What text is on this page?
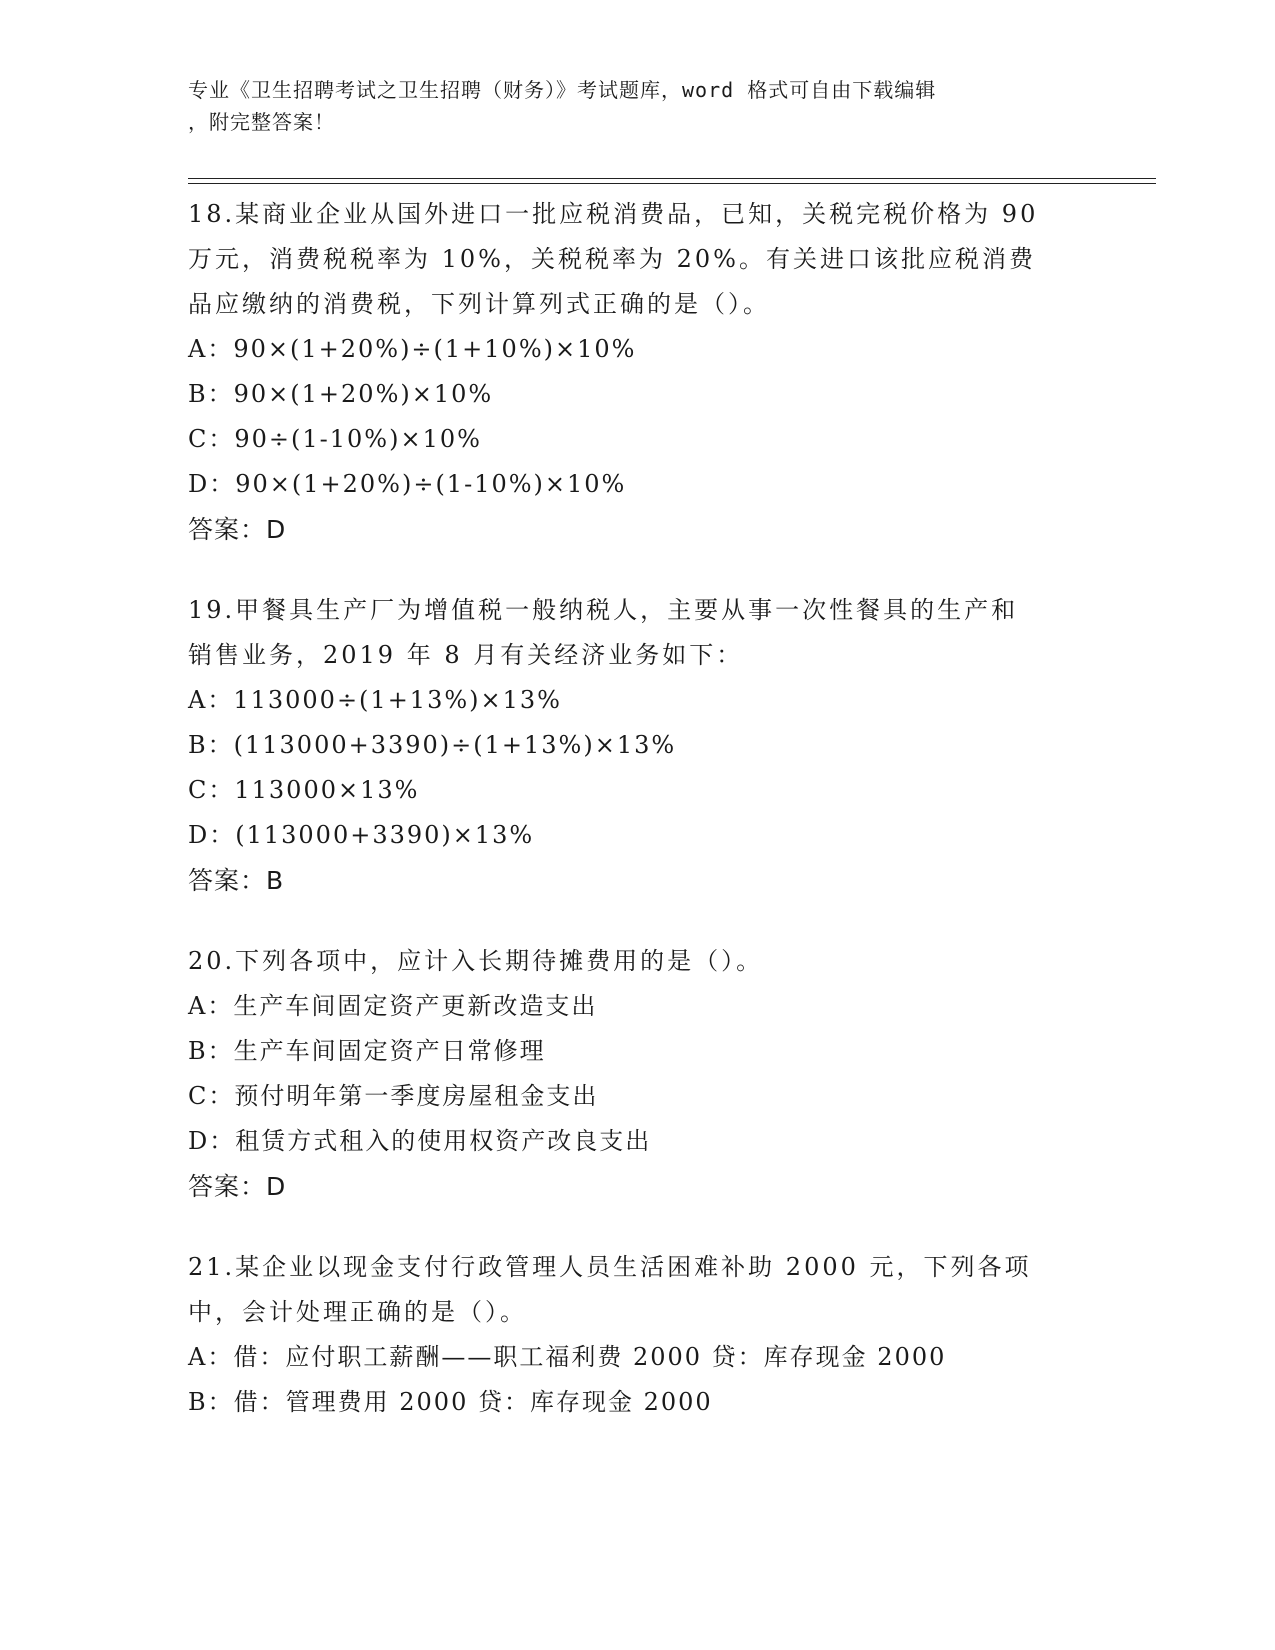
专业《卫生招聘考试之卫生招聘（财务）》考试题库，word 格式可自由下载编辑
，附完整答案！

18.某商业企业从国外进口一批应税消费品，已知，关税完税价格为 90

万元，消费税税率为 10%，关税税率为 20%。有关进口该批应税消费

品应缴纳的消费税，下列计算列式正确的是（）。

A：90×(1+20%)÷(1+10%)×10%

B：90×(1+20%)×10%

C：90÷(1-10%)×10%

D：90×(1+20%)÷(1-10%)×10%

答案：D

19.甲餐具生产厂为增值税一般纳税人，主要从事一次性餐具的生产和

销售业务，2019 年 8 月有关经济业务如下：

A：113000÷(1+13%)×13%

B：(113000+3390)÷(1+13%)×13%

C：113000×13%

D：(113000+3390)×13%

答案：B

20.下列各项中，应计入长期待摊费用的是（）。

A：生产车间固定资产更新改造支出

B：生产车间固定资产日常修理

C：预付明年第一季度房屋租金支出

D：租赁方式租入的使用权资产改良支出

答案：D

21.某企业以现金支付行政管理人员生活困难补助 2000 元，下列各项

中，会计处理正确的是（）。

A：借：应付职工薪酬——职工福利费 2000 贷：库存现金 2000

B：借：管理费用 2000 贷：库存现金 2000
